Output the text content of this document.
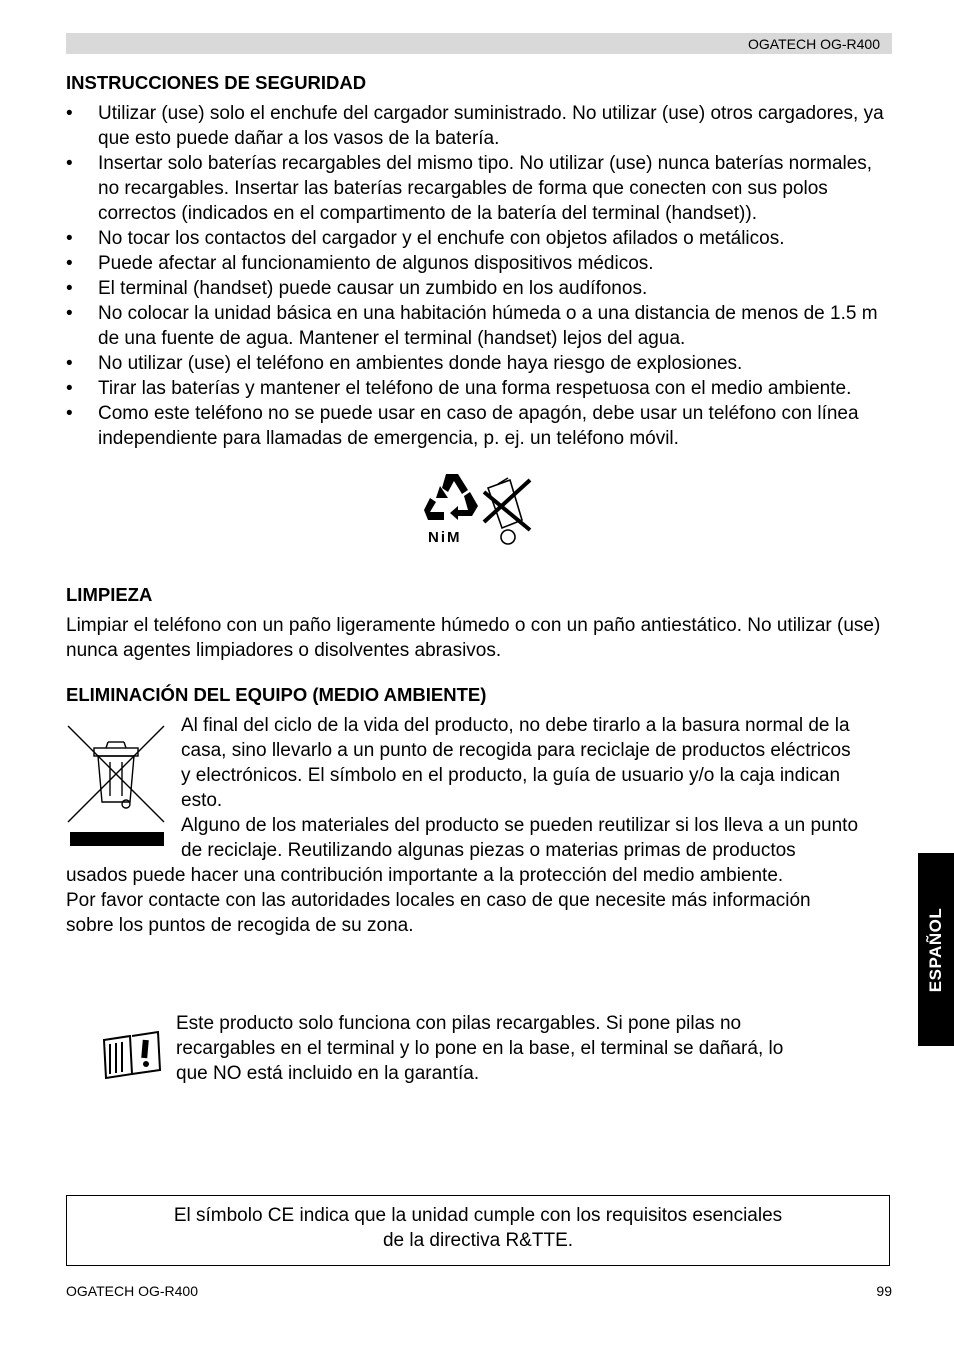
OGATECH OG-R400
INSTRUCCIONES DE SEGURIDAD
• Utilizar (use) solo el enchufe del cargador suministrado. No utilizar (use) otros cargadores, ya que esto puede dañar a los vasos de la batería.
• Insertar solo baterías recargables del mismo tipo. No utilizar (use) nunca baterías normales, no recargables. Insertar las baterías recargables de forma que conecten con sus polos correctos (indicados en el compartimento de la batería del terminal (handset)).
• No tocar los contactos del cargador y el enchufe con objetos afilados o metálicos.
• Puede afectar al funcionamiento de algunos dispositivos médicos.
• El terminal (handset) puede causar un zumbido en los audífonos.
• No colocar la unidad básica en una habitación húmeda o a una distancia de menos de 1.5 m de una fuente de agua. Mantener el terminal (handset) lejos del agua.
• No utilizar (use) el teléfono en ambientes donde haya riesgo de explosiones.
• Tirar las baterías y mantener el teléfono de una forma respetuosa con el medio ambiente.
• Como este teléfono no se puede usar en caso de apagón, debe usar un teléfono con línea independiente para llamadas de emergencia, p. ej. un teléfono móvil.
NiM
LIMPIEZA
Limpiar el teléfono con un paño ligeramente húmedo o con un paño antiestático. No utilizar (use) nunca agentes limpiadores o disolventes abrasivos.
ELIMINACIÓN DEL EQUIPO (MEDIO AMBIENTE)
Al final del ciclo de la vida del producto, no debe tirarlo a la basura normal de la
casa, sino llevarlo a un punto de recogida para reciclaje de productos eléctricos
y electrónicos. El símbolo en el producto, la guía de usuario y/o la caja indican
esto.
Alguno de los materiales del producto se pueden reutilizar si los lleva a un punto
de reciclaje. Reutilizando algunas piezas o materias primas de productos
usados puede hacer una contribución importante a la protección del medio ambiente.
Por favor contacte con las autoridades locales en caso de que necesite más información
sobre los puntos de recogida de su zona.	ESPAÑOL
Este producto solo funciona con pilas recargables. Si pone pilas no
recargables en el terminal y lo pone en la base, el terminal se dañará, lo
que NO está incluido en la garantía.
El símbolo CE indica que la unidad cumple con los requisitos esenciales
de la directiva R&TTE.
OGATECH OG-R400	99
